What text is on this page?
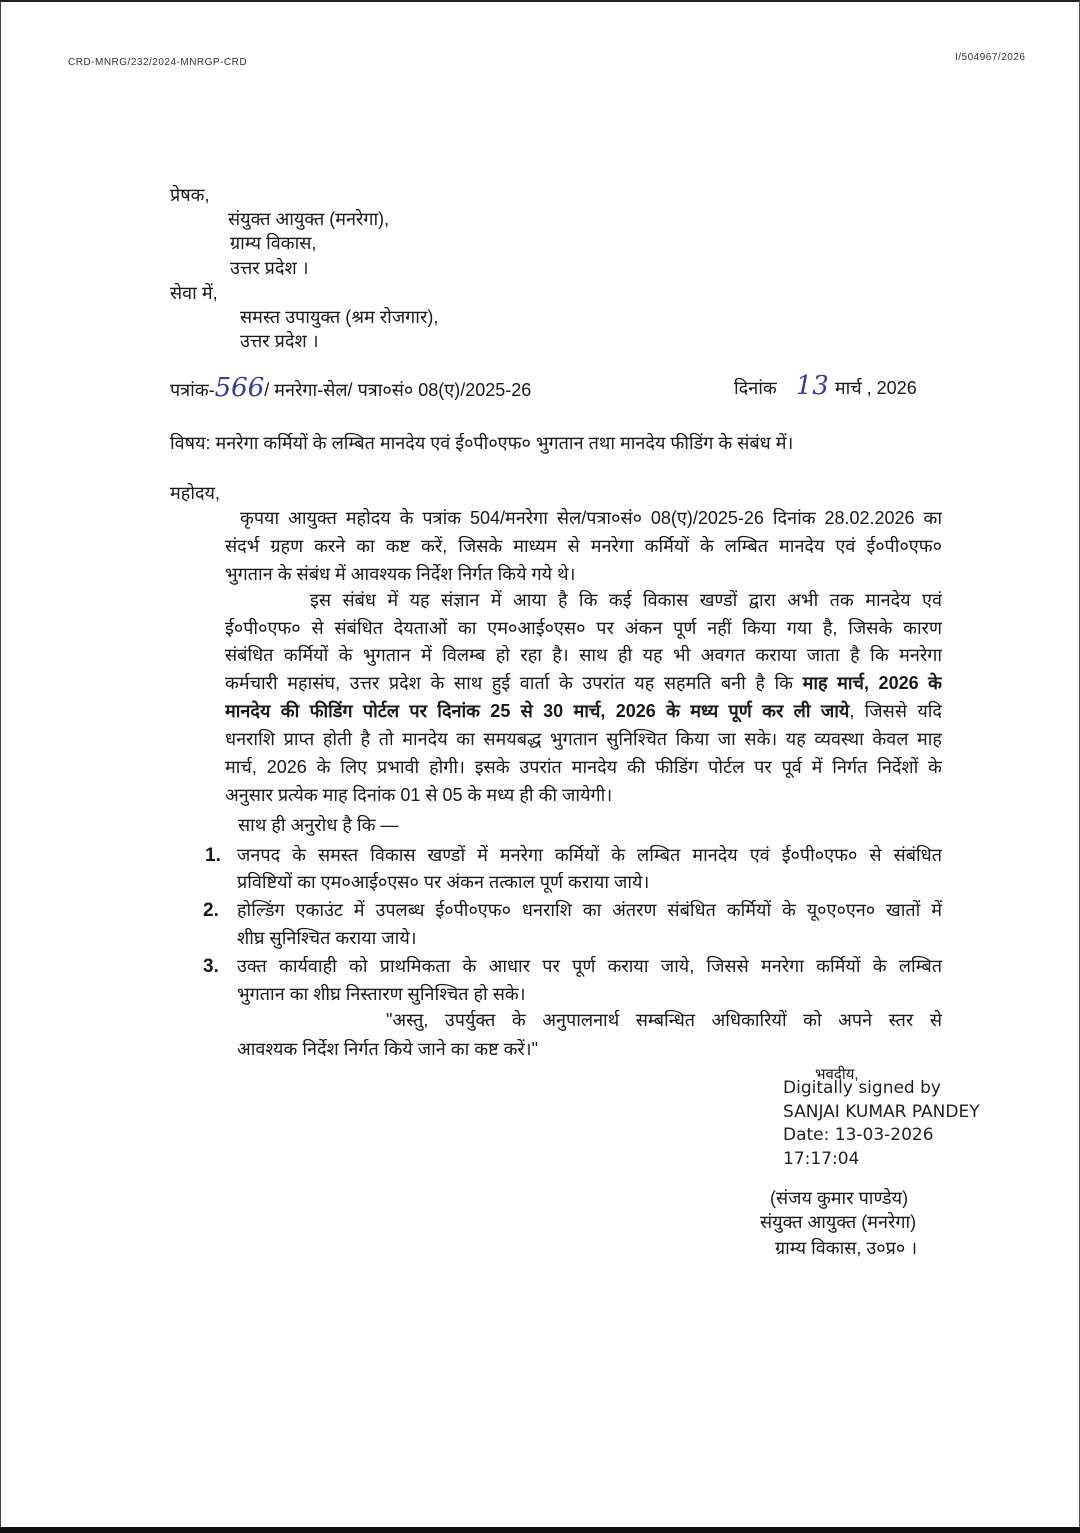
CRD-MNRG/232/2024-MNRGP-CRD	I/504967/2026
प्रेषक,
संयुक्त आयुक्त (मनरेगा),
ग्राम्य विकास,
उत्तर प्रदेश ।
सेवा में,
समस्त उपायुक्त (श्रम रोजगार),
उत्तर प्रदेश ।
पत्रांक-566/ मनरेगा-सेल/ पत्रा०सं० 08(ए)/2025-26	दिनांक 13 मार्च , 2026
विषय: मनरेगा कर्मियों के लम्बित मानदेय एवं ई०पी०एफ० भुगतान तथा मानदेय फीडिंग के संबंध में।
महोदय,
कृपया आयुक्त महोदय के पत्रांक 504/मनरेगा सेल/पत्रा०सं० 08(ए)/2025-26 दिनांक 28.02.2026 का
संदर्भ ग्रहण करने का कष्ट करें, जिसके माध्यम से मनरेगा कर्मियों के लम्बित मानदेय एवं ई०पी०एफ०
भुगतान के संबंध में आवश्यक निर्देश निर्गत किये गये थे।
इस संबंध में यह संज्ञान में आया है कि कई विकास खण्डों द्वारा अभी तक मानदेय एवं
ई०पी०एफ० से संबंधित देयताओं का एम०आई०एस० पर अंकन पूर्ण नहीं किया गया है, जिसके कारण
संबंधित कर्मियों के भुगतान में विलम्ब हो रहा है। साथ ही यह भी अवगत कराया जाता है कि मनरेगा
कर्मचारी महासंघ, उत्तर प्रदेश के साथ हुई वार्ता के उपरांत यह सहमति बनी है कि माह मार्च, 2026 के
मानदेय की फीडिंग पोर्टल पर दिनांक 25 से 30 मार्च, 2026 के मध्य पूर्ण कर ली जाये, जिससे यदि
धनराशि प्राप्त होती है तो मानदेय का समयबद्ध भुगतान सुनिश्चित किया जा सके। यह व्यवस्था केवल माह
मार्च, 2026 के लिए प्रभावी होगी। इसके उपरांत मानदेय की फीडिंग पोर्टल पर पूर्व में निर्गत निर्देशों के
अनुसार प्रत्येक माह दिनांक 01 से 05 के मध्य ही की जायेगी।
साथ ही अनुरोध है कि —
1. जनपद के समस्त विकास खण्डों में मनरेगा कर्मियों के लम्बित मानदेय एवं ई०पी०एफ० से संबंधित
प्रविष्टियों का एम०आई०एस० पर अंकन तत्काल पूर्ण कराया जाये।
2. होल्डिंग एकाउंट में उपलब्ध ई०पी०एफ० धनराशि का अंतरण संबंधित कर्मियों के यू०ए०एन० खातों में
शीघ्र सुनिश्चित कराया जाये।
3. उक्त कार्यवाही को प्राथमिकता के आधार पर पूर्ण कराया जाये, जिससे मनरेगा कर्मियों के लम्बित
भुगतान का शीघ्र निस्तारण सुनिश्चित हो सके।
"अस्तु, उपर्युक्त के अनुपालनार्थ सम्बन्धित अधिकारियों को अपने स्तर से
आवश्यक निर्देश निर्गत किये जाने का कष्ट करें।"
भवदीय,
Digitally signed by
SANJAI KUMAR PANDEY
Date: 13-03-2026
17:17:04
(संजय कुमार पाण्डेय)
संयुक्त आयुक्त (मनरेगा)
ग्राम्य विकास, उ०प्र० ।
